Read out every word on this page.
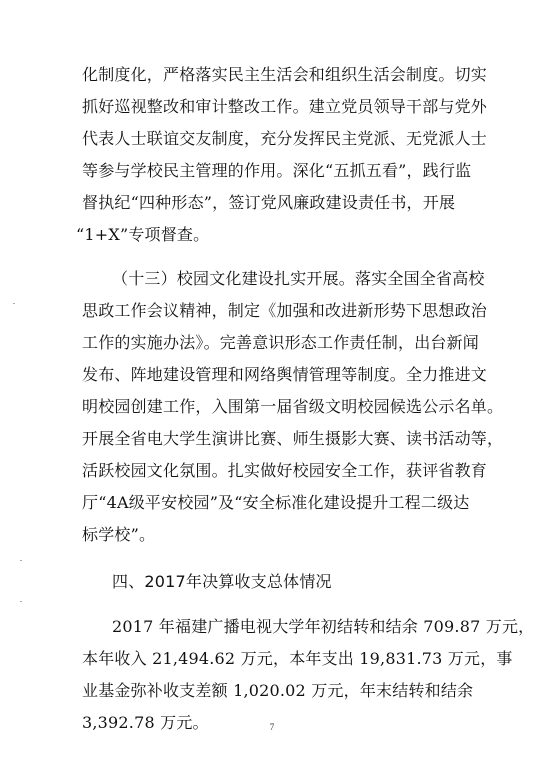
化制度化，严格落实民主生活会和组织生活会制度。切实
抓好巡视整改和审计整改工作。建立党员领导干部与党外
代表人士联谊交友制度，充分发挥民主党派、无党派人士
等参与学校民主管理的作用。深化“五抓五看”，践行监
督执纪“四种形态”，签订党风廉政建设责任书，开展
“1+X”专项督查。
（十三）校园文化建设扎实开展。落实全国全省高校
思政工作会议精神，制定《加强和改进新形势下思想政治
工作的实施办法》。完善意识形态工作责任制，出台新闻
发布、阵地建设管理和网络舆情管理等制度。全力推进文
明校园创建工作，入围第一届省级文明校园候选公示名单。
开展全省电大学生演讲比赛、师生摄影大赛、读书活动等，
活跃校园文化氛围。扎实做好校园安全工作，获评省教育
厅“4A级平安校园”及“安全标准化建设提升工程二级达
标学校”。
四、2017年决算收支总体情况
2017 年福建广播电视大学年初结转和结余 709.87 万元，
本年收入 21,494.62 万元，本年支出 19,831.73 万元，事
业基金弥补收支差额 1,020.02 万元，年末结转和结余
3,392.78 万元。	7
